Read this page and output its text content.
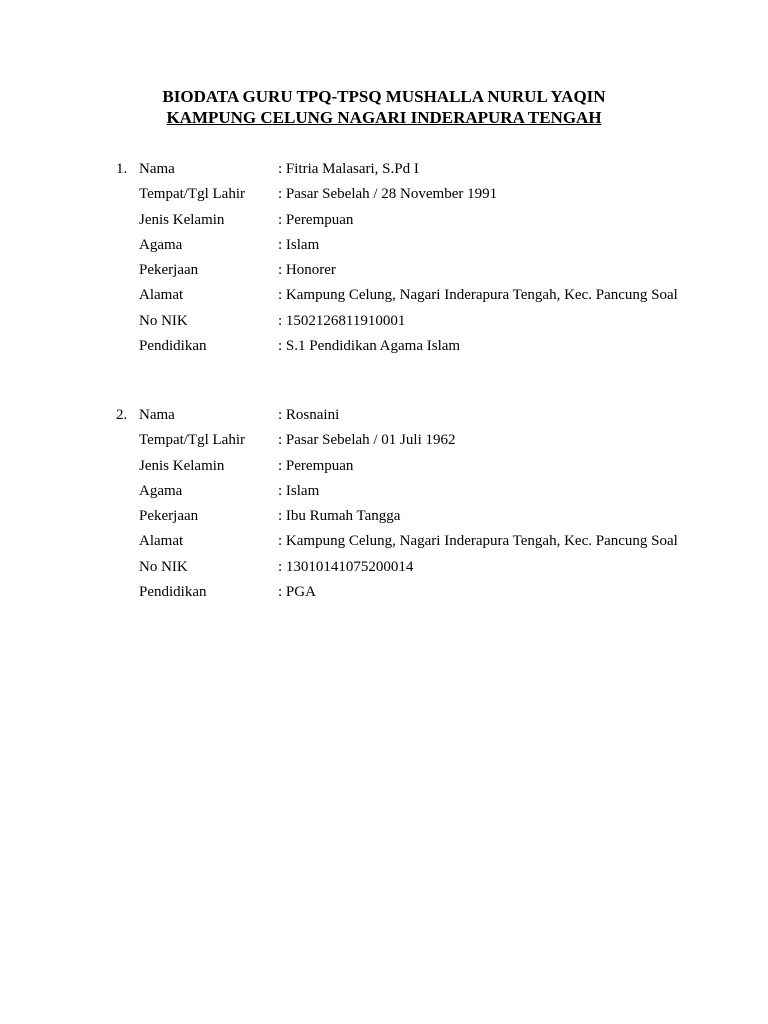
BIODATA GURU TPQ-TPSQ MUSHALLA NURUL YAQIN
KAMPUNG CELUNG NAGARI INDERAPURA TENGAH
1. Nama	: Fitria Malasari, S.Pd I
Tempat/Tgl Lahir : Pasar Sebelah / 28 November 1991
Jenis Kelamin	: Perempuan
Agama	: Islam
Pekerjaan	: Honorer
Alamat	: Kampung Celung, Nagari Inderapura Tengah, Kec. Pancung Soal
No NIK	: 1502126811910001
Pendidikan	: S.1 Pendidikan Agama Islam
2. Nama	: Rosnaini
Tempat/Tgl Lahir : Pasar Sebelah / 01 Juli 1962
Jenis Kelamin	: Perempuan
Agama	: Islam
Pekerjaan	: Ibu Rumah Tangga
Alamat	: Kampung Celung, Nagari Inderapura Tengah, Kec. Pancung Soal
No NIK	: 13010141075200014
Pendidikan	: PGA
